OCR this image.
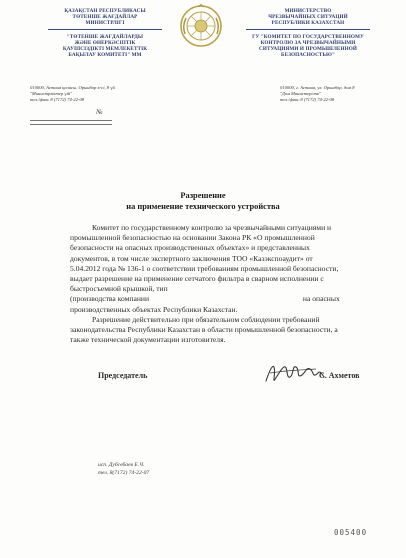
ҚАЗАҚСТАН РЕСПУБЛИКАСЫ
ТӨТЕНШЕ ЖАҒДАЙЛАР
МИНИСТРЛІГІ
"ТӨТЕНШЕ ЖАҒДАЙЛАРДЫ
ЖӘНЕ ӨНЕРКӘСІПТІК
ҚАУІПСІЗДІКТІ МЕМЛЕКЕТТІК
БАҚЫЛАУ КОМИТЕТІ" ММ
МИНИСТЕРСТВО
ЧРЕЗВЫЧАЙНЫХ СИТУАЦИЙ
РЕСПУБЛИКИ КАЗАХСТАН
ГУ "КОМИТЕТ ПО ГОСУДАРСТВЕННОМУ
КОНТРОЛЮ ЗА ЧРЕЗВЫЧАЙНЫМИ
СИТУАЦИЯМИ И ПРОМЫШЛЕННОЙ
БЕЗОПАСНОСТЬЮ"
010000, Астана қаласы, Орынбор к-сі, 8 үй
"Министрліктер үйі"
тел./факс 8 (7172) 74-22-08
010000, г. Астана, ул. Орынбор, дом 8
"Дом Министерств"
тел./факс 8 (7172) 74-22-08
№
Разрешение
на применение технического устройства

Комитет по государственному контролю за чрезвычайными ситуациями и
промышленной безопасностью на основании Закона РК «О промышленной
безопасности на опасных производственных объектах» и представленных
документов, в том числе экспертного заключения ТОО «Казэкспоаудит» от
5.04.2012 года № 136-1 о соответствии требованиям промышленной безопасности,
выдает разрешение на применение сетчатого фильтра в сварном исполнении с
быстросъемной крышкой, тип
(производства компании	на опасных
производственных объектах Республики Казахстан.

Разрешение действительно при обязательном соблюдении требований
законодательства Республики Казахстан в области промышленной безопасности, а
также технической документации изготовителя.

Председатель	С. Ахметов
исп. Дубсебаев Е.Ч.
тел. 8(7172) 74-22-07
005400
